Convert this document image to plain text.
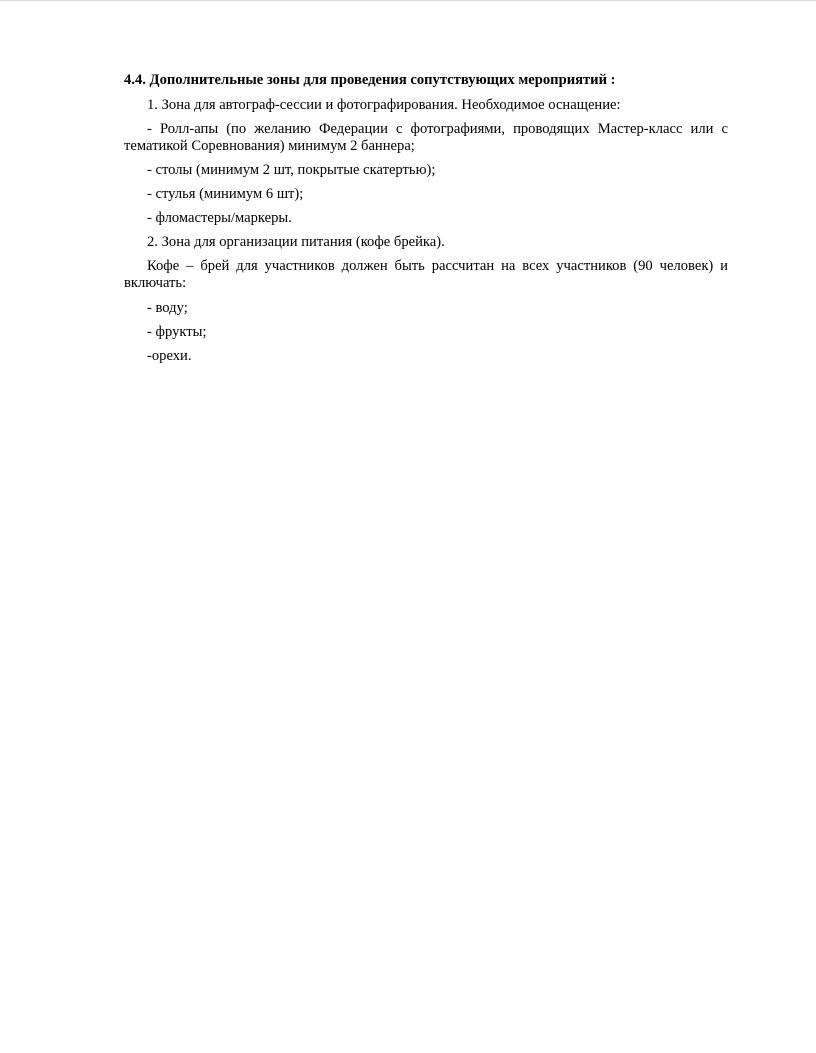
4.4. Дополнительные зоны для проведения сопутствующих мероприятий :

1. Зона для автограф-сессии и фотографирования. Необходимое оснащение:

- Ролл-апы (по желанию Федерации с фотографиями, проводящих Мастер-класс или с тематикой Соревнования) минимум 2 баннера;

- столы (минимум 2 шт, покрытые скатертью);

- стулья (минимум 6 шт);

- фломастеры/маркеры.

2. Зона для организации питания (кофе брейка).

Кофе – брей для участников должен быть рассчитан на всех участников (90 человек) и включать:

- воду;

- фрукты;

-орехи.
